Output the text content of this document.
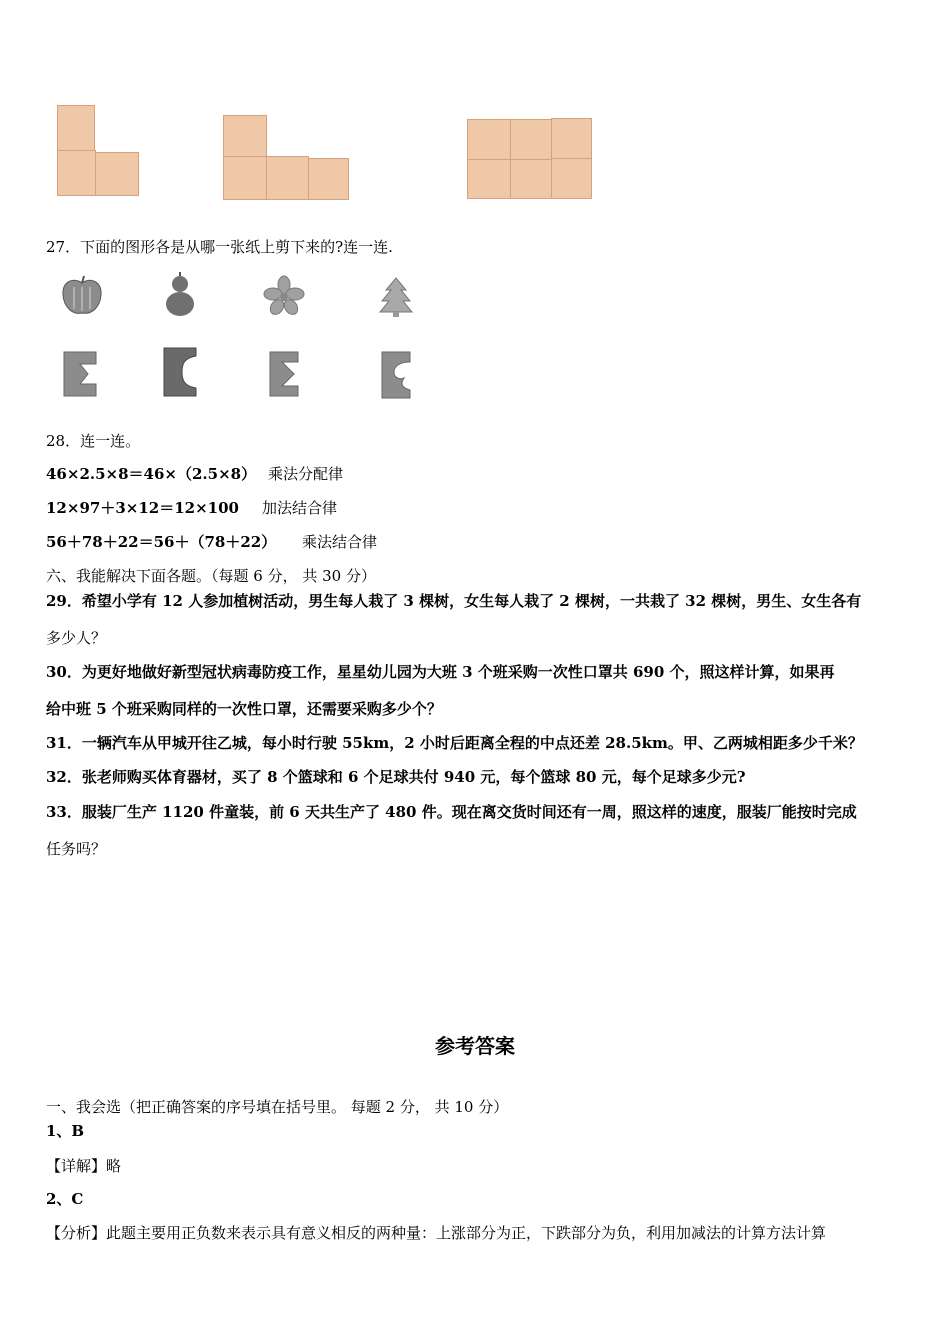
27．下面的图形各是从哪一张纸上剪下来的?连一连.
28．连一连。
46×2.5×8＝46×（2.5×8） 乘法分配律
12×97＋3×12＝12×100 加法结合律
56＋78＋22＝56＋（78＋22） 乘法结合律
六、我能解决下面各题。（每题 6 分， 共 30 分）
29．希望小学有 12 人参加植树活动，男生每人栽了 3 棵树，女生每人栽了 2 棵树，一共栽了 32 棵树，男生、女生各有
多少人？
30．为更好地做好新型冠状病毒防疫工作，星星幼儿园为大班 3 个班采购一次性口罩共 690 个，照这样计算，如果再
给中班 5 个班采购同样的一次性口罩，还需要采购多少个？
31．一辆汽车从甲城开往乙城，每小时行驶 55km，2 小时后距离全程的中点还差 28.5km。甲、乙两城相距多少千米？
32．张老师购买体育器材，买了 8 个篮球和 6 个足球共付 940 元，每个篮球 80 元，每个足球多少元?
33．服装厂生产 1120 件童装，前 6 天共生产了 480 件。现在离交货时间还有一周，照这样的速度，服装厂能按时完成
任务吗？
参考答案
一、我会选（把正确答案的序号填在括号里。 每题 2 分， 共 10 分）
1、B
【详解】略
2、C
【分析】此题主要用正负数来表示具有意义相反的两种量：上涨部分为正，下跌部分为负，利用加减法的计算方法计算
